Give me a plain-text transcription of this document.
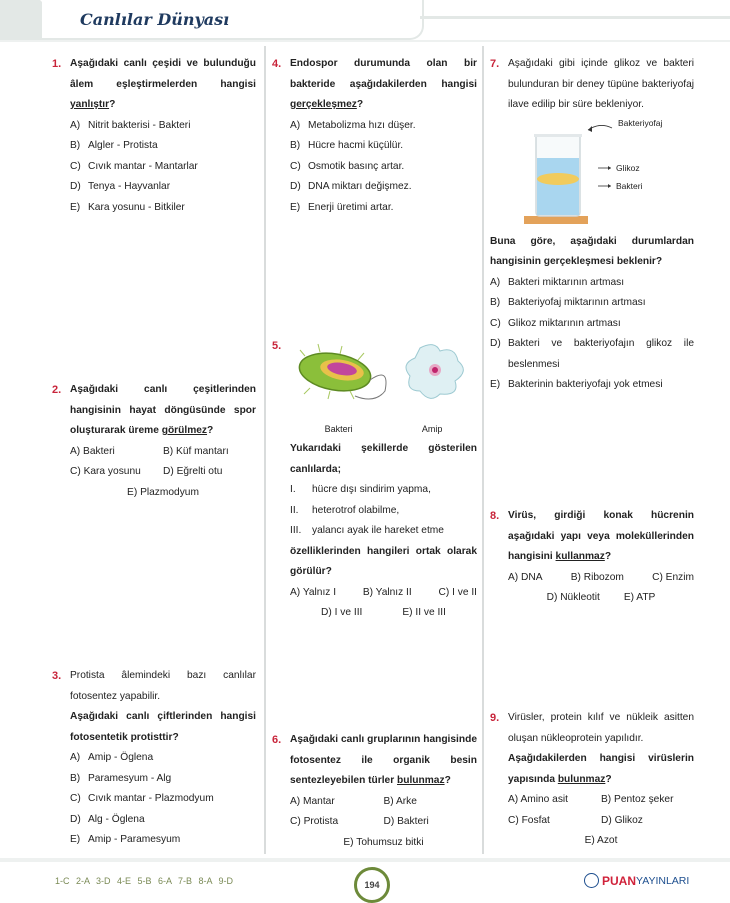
Canlılar Dünyası
1. Aşağıdaki canlı çeşidi ve bulunduğu âlem eşleştirmelerden hangisi yanlıştır?
A) Nitrit bakterisi - Bakteri
B) Algler - Protista
C) Cıvık mantar - Mantarlar
D) Tenya - Hayvanlar
E) Kara yosunu - Bitkiler
2. Aşağıdaki canlı çeşitlerinden hangisinin hayat döngüsünde spor oluşturarak üreme görülmez?
A) Bakteri	B) Küf mantarı
C) Kara yosunu	D) Eğrelti otu
E) Plazmodyum
3. Protista âlemindeki bazı canlılar fotosentez yapabilir.
Aşağıdaki canlı çiftlerinden hangisi fotosentetik protisttir?
A) Amip - Öglena
B) Paramesyum - Alg
C) Cıvık mantar - Plazmodyum
D) Alg - Öglena
E) Amip - Paramesyum
4. Endospor durumunda olan bir bakteride aşağıdakilerden hangisi gerçekleşmez?
A) Metabolizma hızı düşer.
B) Hücre hacmi küçülür.
C) Osmotik basınç artar.
D) DNA miktarı değişmez.
E) Enerji üretimi artar.
5.
Bakteri	Amip
Yukarıdaki şekillerde gösterilen canlılarda;
I.	hücre dışı sindirim yapma,
II.	heterotrof olabilme,
III.	yalancı ayak ile hareket etme
özelliklerinden hangileri ortak olarak görülür?
A) Yalnız I	B) Yalnız II	C) I ve II
D) I ve III	E) II ve III
6. Aşağıdaki canlı gruplarının hangisinde fotosentez ile organik besin sentezleyebilen türler bulunmaz?
A) Mantar	B) Arke
C) Protista	D) Bakteri
E) Tohumsuz bitki
7. Aşağıdaki gibi içinde glikoz ve bakteri bulunduran bir deney tüpüne bakteriyofaj ilave edilip bir süre bekleniyor.
Bakteriyofaj
Glikoz
Bakteri
Buna göre, aşağıdaki durumlardan hangisinin gerçekleşmesi beklenir?
A) Bakteri miktarının artması
B) Bakteriyofaj miktarının artması
C) Glikoz miktarının artması
D) Bakteri ve bakteriyofajın glikoz ile beslenmesi
E) Bakterinin bakteriyofajı yok etmesi
8. Virüs, girdiği konak hücrenin aşağıdaki yapı veya moleküllerinden hangisini kullanmaz?
A) DNA	B) Ribozom	C) Enzim
D) Nükleotit E) ATP
9. Virüsler, protein kılıf ve nükleik asitten oluşan nükleoprotein yapılıdır.
Aşağıdakilerden hangisi virüslerin yapısında bulunmaz?
A) Amino asit	B) Pentoz şeker
C) Fosfat	D) Glikoz
E) Azot
1-C 2-A 3-D 4-E 5-B 6-A 7-B 8-A 9-D	194	PUAN YAYINLARI
